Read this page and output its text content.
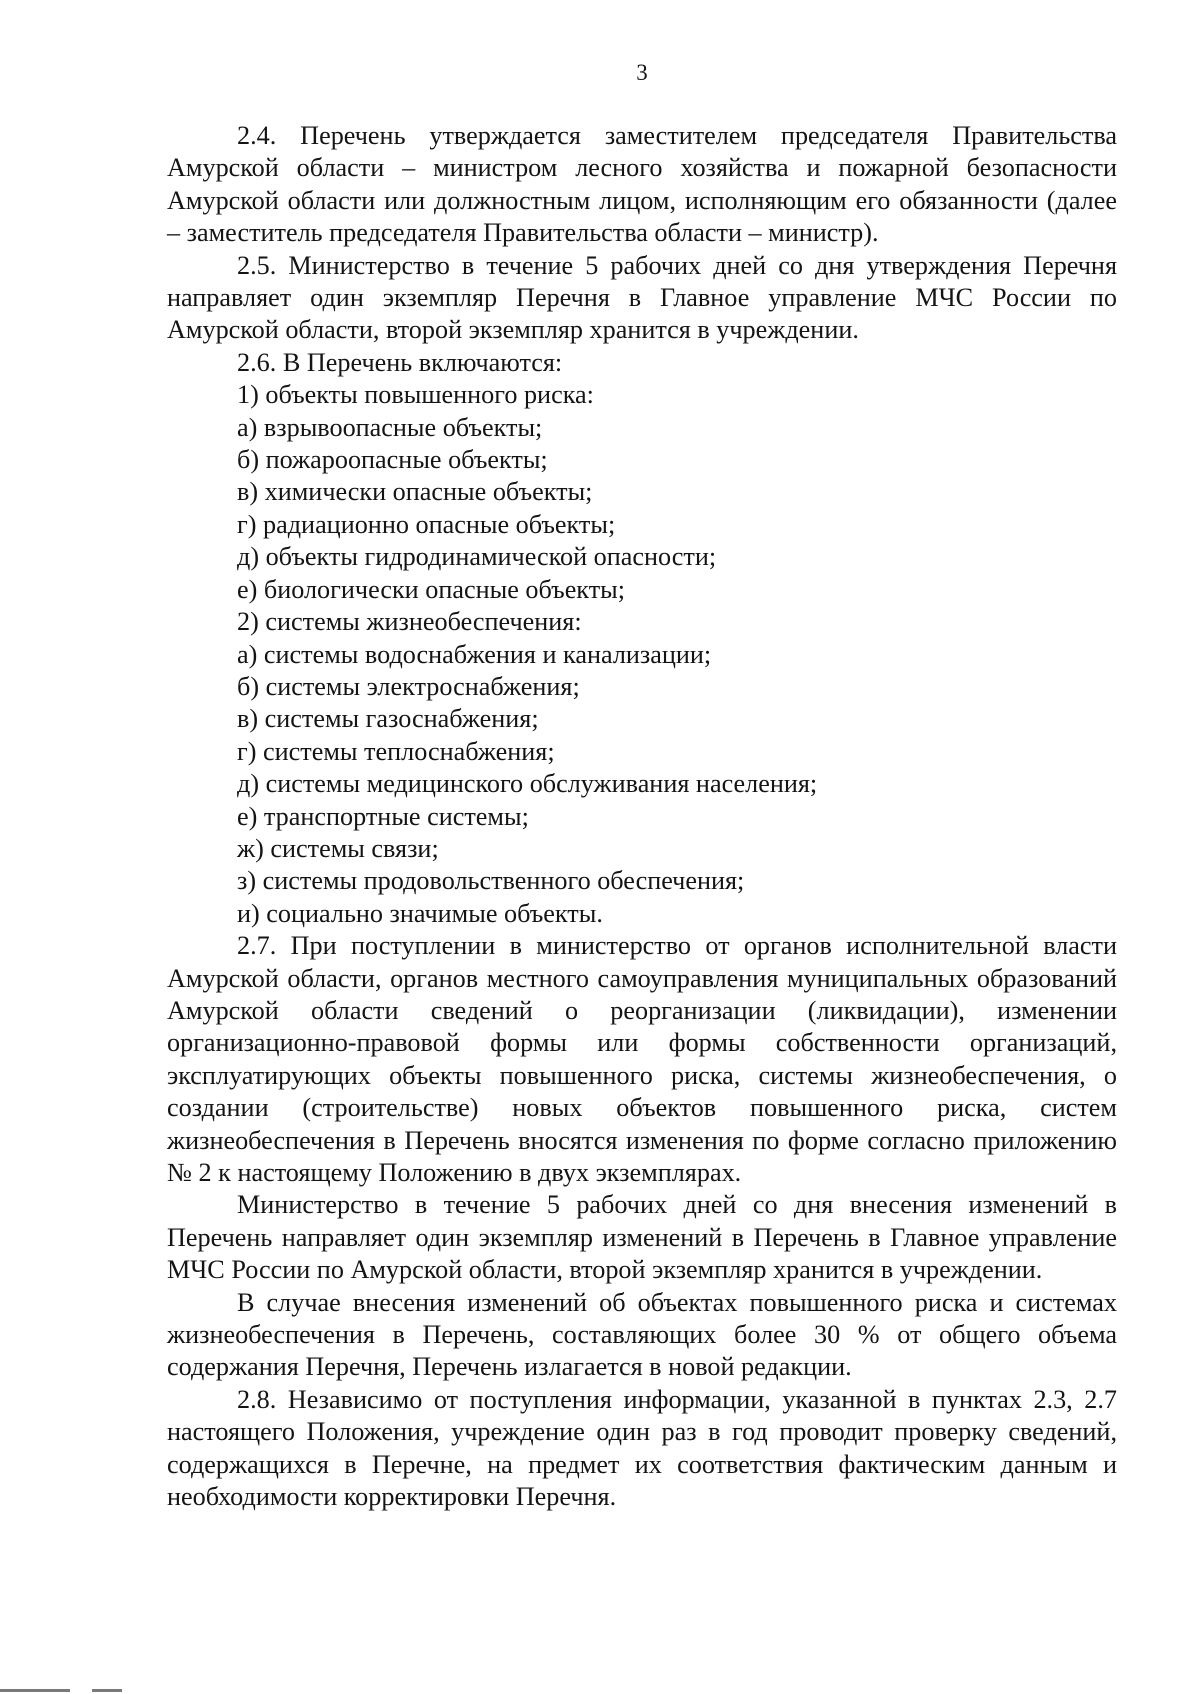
3

2.4. Перечень утверждается заместителем председателя Правительства Амурской области – министром лесного хозяйства и пожарной безопасности Амурской области или должностным лицом, исполняющим его обязанности (далее – заместитель председателя Правительства области – министр).

2.5. Министерство в течение 5 рабочих дней со дня утверждения Перечня направляет один экземпляр Перечня в Главное управление МЧС России по Амурской области, второй экземпляр хранится в учреждении.

2.6. В Перечень включаются:

1) объекты повышенного риска:

а) взрывоопасные объекты;

б) пожароопасные объекты;

в) химически опасные объекты;

г) радиационно опасные объекты;

д) объекты гидродинамической опасности;

е) биологически опасные объекты;

2) системы жизнеобеспечения:

а) системы водоснабжения и канализации;

б) системы электроснабжения;

в) системы газоснабжения;

г) системы теплоснабжения;

д) системы медицинского обслуживания населения;

е) транспортные системы;

ж) системы связи;

з) системы продовольственного обеспечения;

и) социально значимые объекты.

2.7. При поступлении в министерство от органов исполнительной власти Амурской области, органов местного самоуправления муниципальных образований Амурской области сведений о реорганизации (ликвидации), изменении организационно-правовой формы или формы собственности организаций, эксплуатирующих объекты повышенного риска, системы жизнеобеспечения, о создании (строительстве) новых объектов повышенного риска, систем жизнеобеспечения в Перечень вносятся изменения по форме согласно приложению № 2 к настоящему Положению в двух экземплярах.

Министерство в течение 5 рабочих дней со дня внесения изменений в Перечень направляет один экземпляр изменений в Перечень в Главное управление МЧС России по Амурской области, второй экземпляр хранится в учреждении.

В случае внесения изменений об объектах повышенного риска и системах жизнеобеспечения в Перечень, составляющих более 30 % от общего объема содержания Перечня, Перечень излагается в новой редакции.

2.8. Независимо от поступления информации, указанной в пунктах 2.3, 2.7 настоящего Положения, учреждение один раз в год проводит проверку сведений, содержащихся в Перечне, на предмет их соответствия фактическим данным и необходимости корректировки Перечня.
